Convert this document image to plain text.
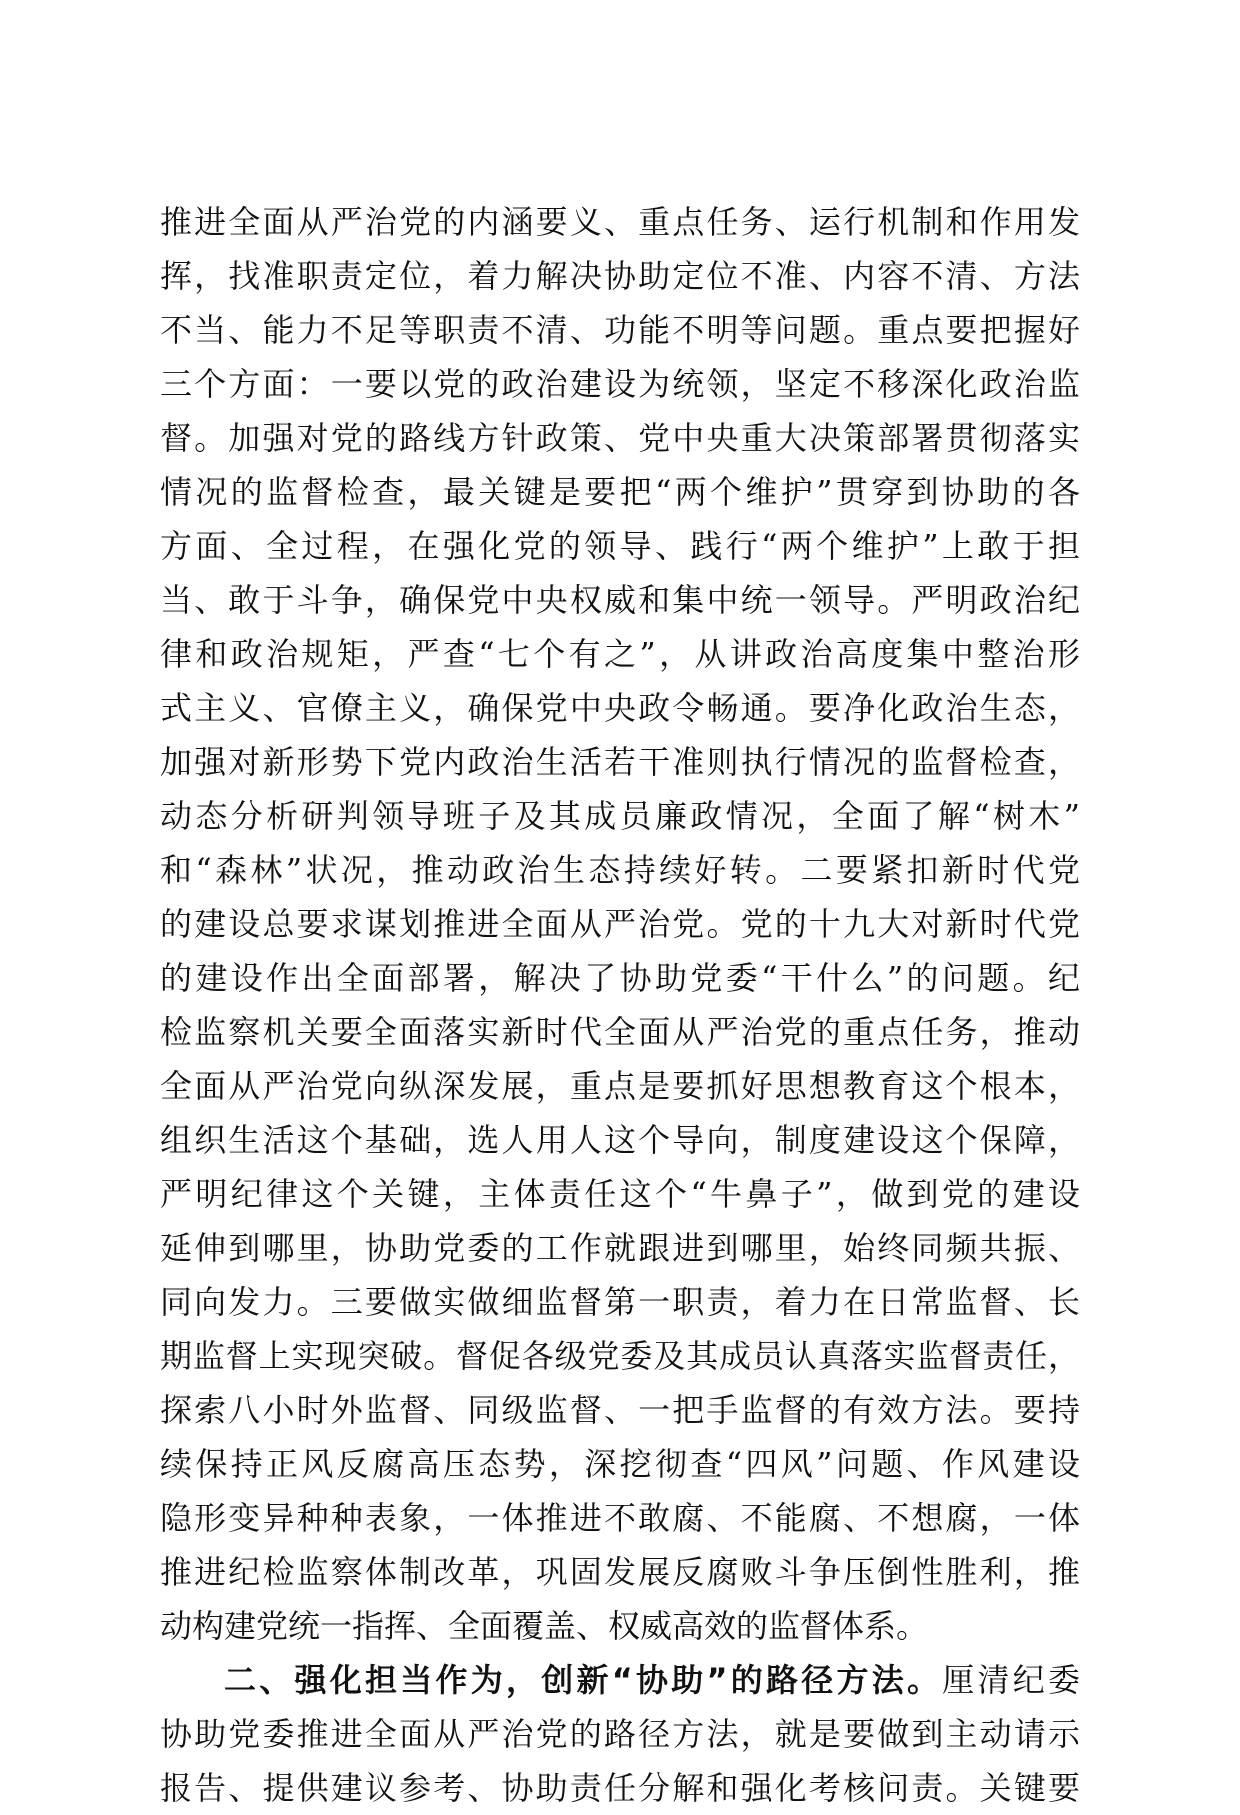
推进全面从严治党的内涵要义、重点任务、运行机制和作用发
挥，找准职责定位，着力解决协助定位不准、内容不清、方法
不当、能力不足等职责不清、功能不明等问题。重点要把握好
三个方面：一要以党的政治建设为统领，坚定不移深化政治监
督。加强对党的路线方针政策、党中央重大决策部署贯彻落实
情况的监督检查，最关键是要把“两个维护”贯穿到协助的各
方面、全过程，在强化党的领导、践行“两个维护”上敢于担
当、敢于斗争，确保党中央权威和集中统一领导。严明政治纪
律和政治规矩，严查“七个有之”，从讲政治高度集中整治形
式主义、官僚主义，确保党中央政令畅通。要净化政治生态，
加强对新形势下党内政治生活若干准则执行情况的监督检查，
动态分析研判领导班子及其成员廉政情况，全面了解“树木”
和“森林”状况，推动政治生态持续好转。二要紧扣新时代党
的建设总要求谋划推进全面从严治党。党的十九大对新时代党
的建设作出全面部署，解决了协助党委“干什么”的问题。纪
检监察机关要全面落实新时代全面从严治党的重点任务，推动
全面从严治党向纵深发展，重点是要抓好思想教育这个根本，
组织生活这个基础，选人用人这个导向，制度建设这个保障，
严明纪律这个关键，主体责任这个“牛鼻子”，做到党的建设
延伸到哪里，协助党委的工作就跟进到哪里，始终同频共振、
同向发力。三要做实做细监督第一职责，着力在日常监督、长
期监督上实现突破。督促各级党委及其成员认真落实监督责任，
探索八小时外监督、同级监督、一把手监督的有效方法。要持
续保持正风反腐高压态势，深挖彻查“四风”问题、作风建设
隐形变异种种表象，一体推进不敢腐、不能腐、不想腐，一体
推进纪检监察体制改革，巩固发展反腐败斗争压倒性胜利，推
动构建党统一指挥、全面覆盖、权威高效的监督体系。
二、强化担当作为，创新“协助”的路径方法。厘清纪委
协助党委推进全面从严治党的路径方法，就是要做到主动请示
报告、提供建议参考、协助责任分解和强化考核问责。关键要
